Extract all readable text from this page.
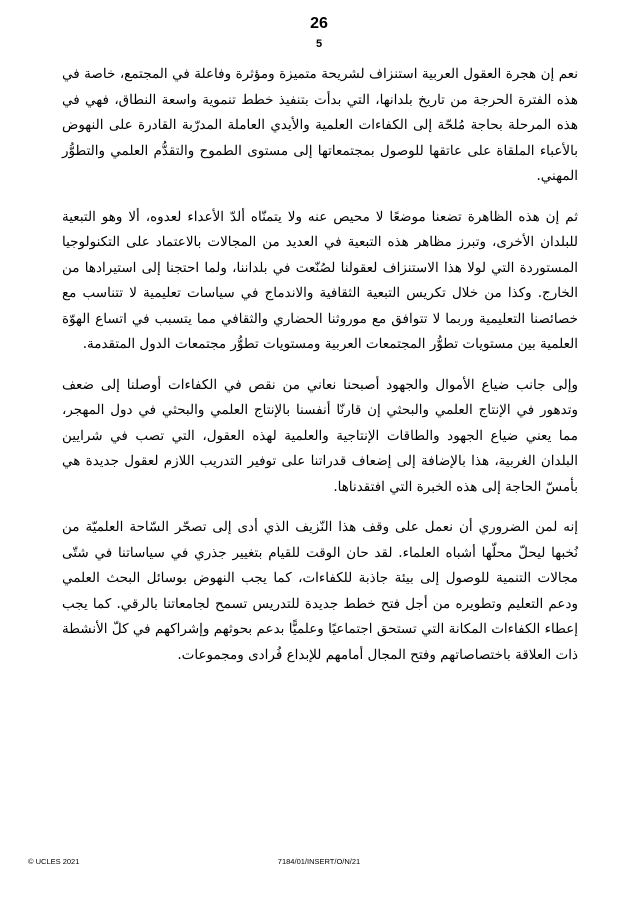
26
5

نعم إن هجرة العقول العربية استنزاف لشريحة متميزة ومؤثرة وفاعلة في المجتمع، خاصة في هذه الفترة الحرجة من تاريخ بلدانها، التي بدأت بتنفيذ خطط تنموية واسعة النطاق، فهي في هذه المرحلة بحاجة مُلحّة إلى الكفاءات العلمية والأيدي العاملة المدرّبة القادرة على النهوض بالأعباء الملقاة على عاتقها للوصول بمجتمعاتها إلى مستوى الطموح والتقدُّم العلمي والتطوُّر المهني.

ثم إن هذه الظاهرة تضعنا موضعًا لا محيص عنه ولا يتمنّاه ألدّ الأعداء لعدوه، ألا وهو التبعية للبلدان الأخرى، وتبرز مظاهر هذه التبعية في العديد من المجالات بالاعتماد على التكنولوجيا المستوردة التي لولا هذا الاستنزاف لعقولنا لصُنّعت في بلداننا، ولما احتجنا إلى استيرادها من الخارج. وكذا من خلال تكريس التبعية الثقافية والاندماج في سياسات تعليمية لا تتناسب مع خصائصنا التعليمية وربما لا تتوافق مع موروثنا الحضاري والثقافي مما يتسبب في اتساع الهوّة العلمية بين مستويات تطوُّر المجتمعات العربية ومستويات تطوُّر مجتمعات الدول المتقدمة.

وإلى جانب ضياع الأموال والجهود أصبحنا نعاني من نقص في الكفاءات أوصلنا إلى ضعف وتدهور في الإنتاج العلمي والبحثي إن قارنّا أنفسنا بالإنتاج العلمي والبحثي في دول المهجر، مما يعني ضياع الجهود والطاقات الإنتاجية والعلمية لهذه العقول، التي تصب في شرايين البلدان الغربية، هذا بالإضافة إلى إضعاف قدراتنا على توفير التدريب اللازم لعقول جديدة هي بأمسّ الحاجة إلى هذه الخبرة التي افتقدناها.

إنه لمن الضروري أن نعمل على وقف هذا النّزيف الذي أدى إلى تصحّر السّاحة العلميّة من نُخبها ليحلّ محلّها أشباه العلماء. لقد حان الوقت للقيام بتغيير جذري في سياساتنا في شتّى مجالات التنمية للوصول إلى بيئة جاذبة للكفاءات، كما يجب النهوض بوسائل البحث العلمي ودعم التعليم وتطويره من أجل فتح خطط جديدة للتدريس تسمح لجامعاتنا بالرقي. كما يجب إعطاء الكفاءات المكانة التي تستحق اجتماعيًا وعلميًّا بدعم بحوثهم وإشراكهم في كلّ الأنشطة ذات العلاقة باختصاصاتهم وفتح المجال أمامهم للإبداع فُرادى ومجموعات.

© UCLES 2021	7184/01/INSERT/O/N/21
